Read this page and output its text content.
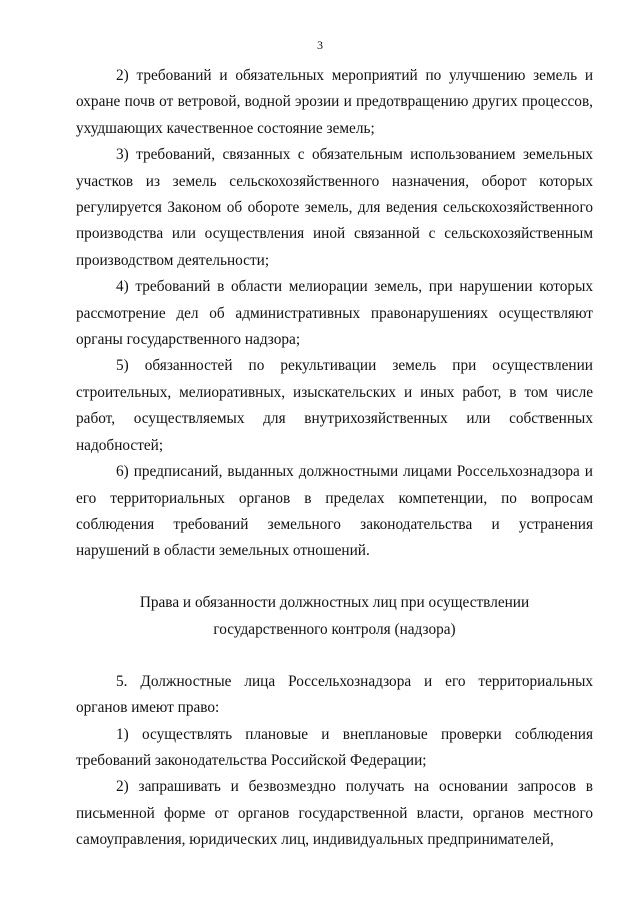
3

2) требований и обязательных мероприятий по улучшению земель и охране почв от ветровой, водной эрозии и предотвращению других процессов, ухудшающих качественное состояние земель;

3) требований, связанных с обязательным использованием земельных участков из земель сельскохозяйственного назначения, оборот которых регулируется Законом об обороте земель, для ведения сельскохозяйственного производства или осуществления иной связанной с сельскохозяйственным производством деятельности;

4) требований в области мелиорации земель, при нарушении которых рассмотрение дел об административных правонарушениях осуществляют органы государственного надзора;

5) обязанностей по рекультивации земель при осуществлении строительных, мелиоративных, изыскательских и иных работ, в том числе работ, осуществляемых для внутрихозяйственных или собственных надобностей;

6) предписаний, выданных должностными лицами Россельхознадзора и его территориальных органов в пределах компетенции, по вопросам соблюдения требований земельного законодательства и устранения нарушений в области земельных отношений.

Права и обязанности должностных лиц при осуществлении
государственного контроля (надзора)

5. Должностные лица Россельхознадзора и его территориальных органов имеют право:

1) осуществлять плановые и внеплановые проверки соблюдения требований законодательства Российской Федерации;

2) запрашивать и безвозмездно получать на основании запросов в письменной форме от органов государственной власти, органов местного самоуправления, юридических лиц, индивидуальных предпринимателей,
